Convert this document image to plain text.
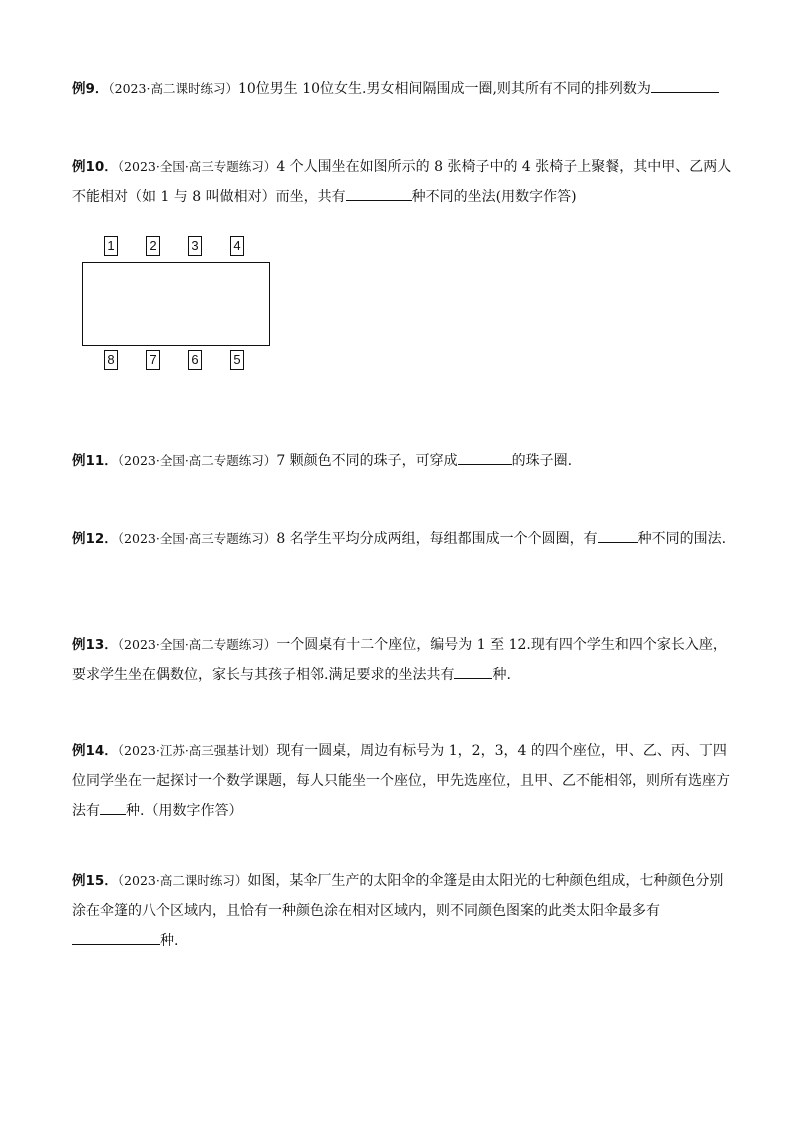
例9．（2023·高二课时练习）10位男生 10位女生.男女相间隔围成一圈,则其所有不同的排列数为
例10．（2023·全国·高三专题练习）4 个人围坐在如图所示的 8 张椅子中的 4 张椅子上聚餐，其中甲、乙两人不能相对（如 1 与 8 叫做相对）而坐，共有	种不同的坐法(用数字作答)
1	2	3	4
8	7	6	5
例11．（2023·全国·高二专题练习）7 颗颜色不同的珠子，可穿成	的珠子圈.
例12．（2023·全国·高三专题练习）8 名学生平均分成两组，每组都围成一个个圆圈，有	种不同的围法.
例13．（2023·全国·高二专题练习）一个圆桌有十二个座位，编号为 1 至 12.现有四个学生和四个家长入座，要求学生坐在偶数位，家长与其孩子相邻.满足要求的坐法共有	种.
例14．（2023·江苏·高三强基计划）现有一圆桌，周边有标号为 1，2，3，4 的四个座位，甲、乙、丙、丁四位同学坐在一起探讨一个数学课题，每人只能坐一个座位，甲先选座位，且甲、乙不能相邻，则所有选座方法有 种.（用数字作答）
例15．（2023·高二课时练习）如图，某伞厂生产的太阳伞的伞篷是由太阳光的七种颜色组成，七种颜色分别涂在伞篷的八个区域内，且恰有一种颜色涂在相对区域内，则不同颜色图案的此类太阳伞最多有种.
